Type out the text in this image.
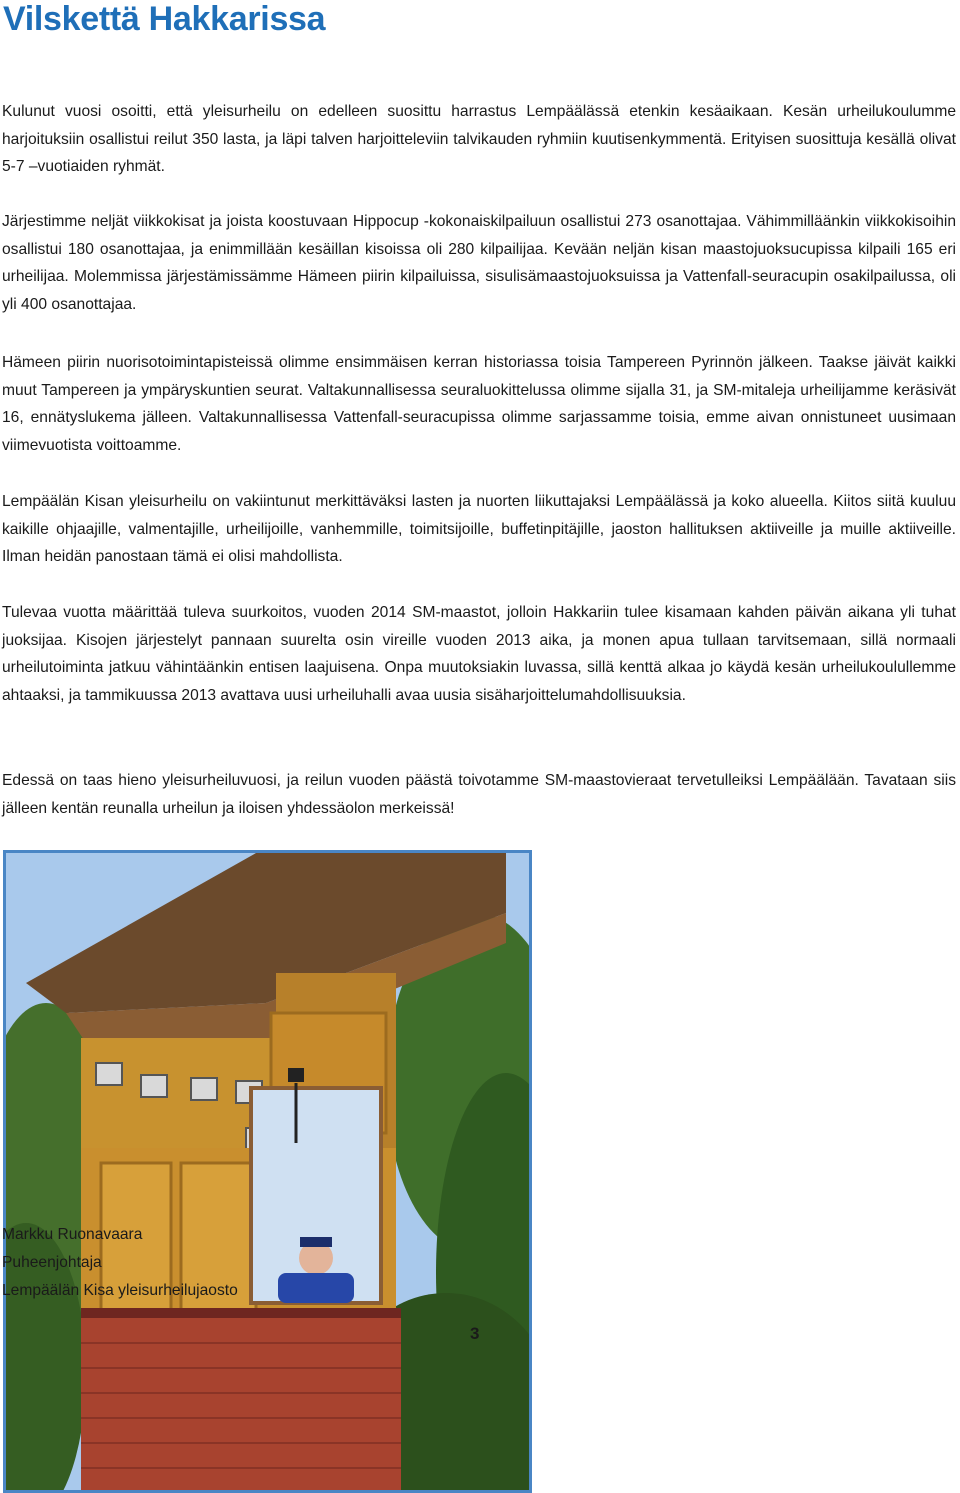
Vilskettä Hakkarissa

Kulunut vuosi osoitti, että yleisurheilu on edelleen suosittu harrastus Lempäälässä etenkin kesäaikaan. Kesän urheilukoulumme harjoituksiin osallistui reilut 350 lasta, ja läpi talven harjoitteleviin talvikauden ryhmiin kuutisenkymmentä. Erityisen suosittuja kesällä olivat 5-7 –vuotiaiden ryhmät.

Järjestimme neljät viikkokisat ja joista koostuvaan Hippocup -kokonaiskilpailuun osallistui 273 osanottajaa. Vähimmilläänkin viikkokisoihin osallistui 180 osanottajaa, ja enimmillään kesäillan kisoissa oli 280 kilpailijaa. Kevään neljän kisan maastojuoksucupissa kilpaili 165 eri urheilijaa. Molemmissa järjestämissämme Hämeen piirin kilpailuissa, sisulisämaastojuoksuissa ja Vattenfall-seuracupin osakilpailussa, oli yli 400 osanottajaa.

Hämeen piirin nuorisotoimintapisteissä olimme ensimmäisen kerran historiassa toisia Tampereen Pyrinnön jälkeen. Taakse jäivät kaikki muut Tampereen ja ympäryskuntien seurat. Valtakunnallisessa seuraluokittelussa olimme sijalla 31, ja SM-mitaleja urheilijamme keräsivät 16, ennätyslukema jälleen. Valtakunnallisessa Vattenfall-seuracupissa olimme sarjassamme toisia, emme aivan onnistuneet uusimaan viimevuotista voittoamme.

Lempäälän Kisan yleisurheilu on vakiintunut merkittäväksi lasten ja nuorten liikuttajaksi Lempäälässä ja koko alueella. Kiitos siitä kuuluu kaikille ohjaajille, valmentajille, urheilijoille, vanhemmille, toimitsijoille, buffetinpitäjille, jaoston hallituksen aktiiveille ja muille aktiiveille. Ilman heidän panostaan tämä ei olisi mahdollista.

Tulevaa vuotta määrittää tuleva suurkoitos, vuoden 2014 SM-maastot, jolloin Hakkariin tulee kisamaan kahden päivän aikana yli tuhat juoksijaa. Kisojen järjestelyt pannaan suurelta osin vireille vuoden 2013 aika, ja monen apua tullaan tarvitsemaan, sillä normaali urheilutoiminta jatkuu vähintäänkin entisen laajuisena. Onpa muutoksiakin luvassa, sillä kenttä alkaa jo käydä kesän urheilukoulullemme ahtaaksi, ja tammikuussa 2013 avattava uusi urheiluhalli avaa uusia sisäharjoittelumahdollisuuksia.

Edessä on taas hieno yleisurheiluvuosi, ja reilun vuoden päästä toivotamme SM-maastovieraat tervetulleiksi Lempäälään. Tavataan siis jälleen kentän reunalla urheilun ja iloisen yhdessäolon merkeissä!

Markku Ruonavaara

Puheenjohtaja

Lempäälän Kisa yleisurheilujaosto

3
